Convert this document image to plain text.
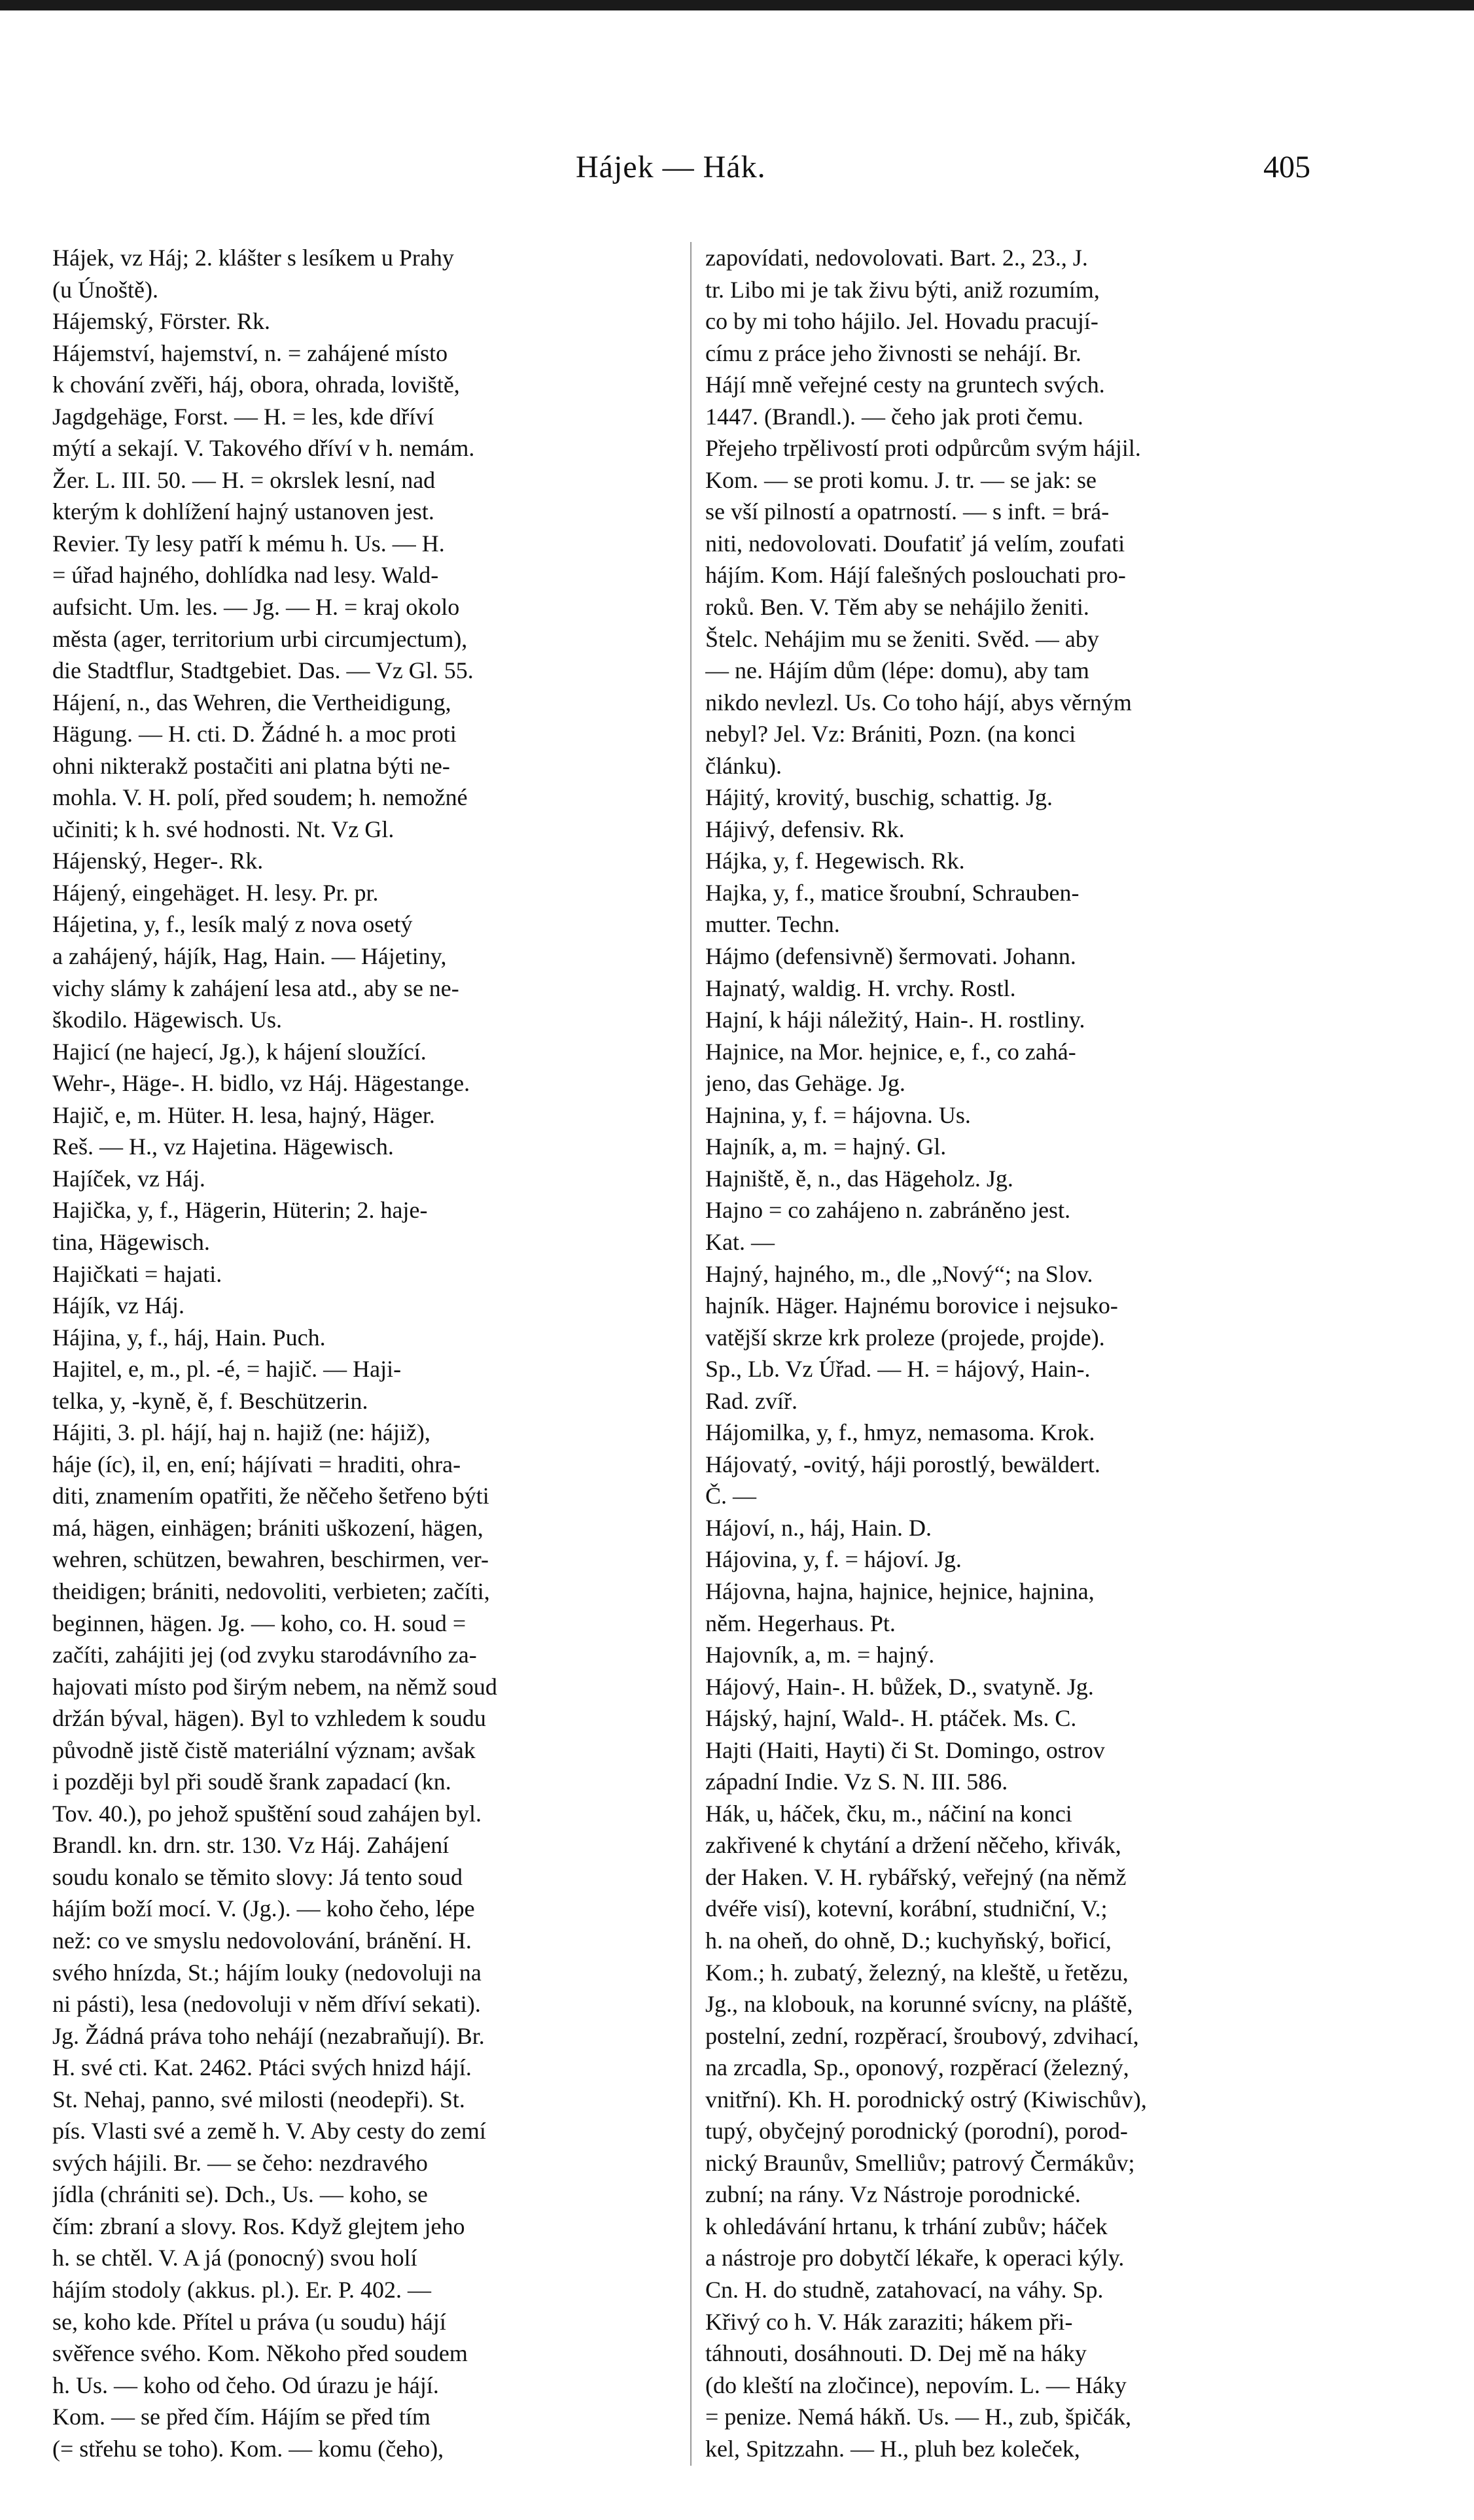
Hájek — Hák.	405
Hájek, vz Háj; 2. klášter s lesíkem u Prahy
(u Únoště).
Hájemský, Förster. Rk.
Hájemství, hajemství, n. = zahájené místo
k chování zvěři, háj, obora, ohrada, loviště,
Jagdgehäge, Forst. — H. = les, kde dříví
mýtí a sekají. V. Takového dříví v h. nemám.
Žer. L. III. 50. — H. = okrslek lesní, nad
kterým k dohlížení hajný ustanoven jest.
Revier. Ty lesy patří k mému h. Us. — H.
= úřad hajného, dohlídka nad lesy. Wald-
aufsicht. Um. les. — Jg. — H. = kraj okolo
města (ager, territorium urbi circumjectum),
die Stadtflur, Stadtgebiet. Das. — Vz Gl. 55.
Hájení, n., das Wehren, die Vertheidigung,
Hägung. — H. cti. D. Žádné h. a moc proti
ohni nikterakž postačiti ani platna býti ne-
mohla. V. H. polí, před soudem; h. nemožné
učiniti; k h. své hodnosti. Nt. Vz Gl.
Hájenský, Heger-. Rk.
Hájený, eingehäget. H. lesy. Pr. pr.
Hájetina, y, f., lesík malý z nova osetý
a zahájený, hájík, Hag, Hain. — Hájetiny,
vichy slámy k zahájení lesa atd., aby se ne-
škodilo. Hägewisch. Us.
Hajicí (ne hajecí, Jg.), k hájení sloužící.
Wehr-, Häge-. H. bidlo, vz Háj. Hägestange.
Hajič, e, m. Hüter. H. lesa, hajný, Häger.
Reš. — H., vz Hajetina. Hägewisch.
Hajíček, vz Háj.
Hajička, y, f., Hägerin, Hüterin; 2. haje-
tina, Hägewisch.
Hajičkati = hajati.
Hájík, vz Háj.
Hájina, y, f., háj, Hain. Puch.
Hajitel, e, m., pl. -é, = hajič. — Haji-
telka, y, -kyně, ě, f. Beschützerin.
Hájiti, 3. pl. hájí, haj n. hajiž (ne: hájiž),
háje (íc), il, en, ení; hájívati = hraditi, ohra-
diti, znamením opatřiti, že něčeho šetřeno býti
má, hägen, einhägen; brániti uškození, hägen,
wehren, schützen, bewahren, beschirmen, ver-
theidigen; brániti, nedovoliti, verbieten; začíti,
beginnen, hägen. Jg. — koho, co. H. soud =
začíti, zahájiti jej (od zvyku starodávního za-
hajovati místo pod širým nebem, na němž soud
držán býval, hägen). Byl to vzhledem k soudu
původně jistě čistě materiální význam; avšak
i později byl při soudě šrank zapadací (kn.
Tov. 40.), po jehož spuštění soud zahájen byl.
Brandl. kn. drn. str. 130. Vz Háj. Zahájení
soudu konalo se těmito slovy: Já tento soud
hájím boží mocí. V. (Jg.). — koho čeho, lépe
než: co ve smyslu nedovolování, bránění. H.
svého hnízda, St.; hájím louky (nedovoluji na
ni pásti), lesa (nedovoluji v něm dříví sekati).
Jg. Žádná práva toho nehájí (nezabraňují). Br.
H. své cti. Kat. 2462. Ptáci svých hnizd hájí.
St. Nehaj, panno, své milosti (neodepři). St.
pís. Vlasti své a země h. V. Aby cesty do zemí
svých hájili. Br. — se čeho: nezdravého
jídla (chrániti se). Dch., Us. — koho, se
čím: zbraní a slovy. Ros. Když glejtem jeho
h. se chtěl. V. A já (ponocný) svou holí
hájím stodoly (akkus. pl.). Er. P. 402. —
se, koho kde. Přítel u práva (u soudu) hájí
svěřence svého. Kom. Někoho před soudem
h. Us. — koho od čeho. Od úrazu je hájí.
Kom. — se před čím. Hájím se před tím
(= střehu se toho). Kom. — komu (čeho),
zapovídati, nedovolovati. Bart. 2., 23., J.
tr. Libo mi je tak živu býti, aniž rozumím,
co by mi toho hájilo. Jel. Hovadu pracují-
címu z práce jeho živnosti se nehájí. Br.
Hájí mně veřejné cesty na gruntech svých.
1447. (Brandl.). — čeho jak proti čemu.
Přejeho trpělivostí proti odpůrcům svým hájil.
Kom. — se proti komu. J. tr. — se jak: se
se vší pilností a opatrností. — s inft. = brá-
niti, nedovolovati. Doufatiť já velím, zoufati
hájím. Kom. Hájí falešných poslouchati pro-
roků. Ben. V. Těm aby se nehájilo ženiti.
Štelc. Nehájim mu se ženiti. Svěd. — aby
— ne. Hájím dům (lépe: domu), aby tam
nikdo nevlezl. Us. Co toho hájí, abys věrným
nebyl? Jel. Vz: Brániti, Pozn. (na konci
článku).
Hájitý, krovitý, buschig, schattig. Jg.
Hájivý, defensiv. Rk.
Hájka, y, f. Hegewisch. Rk.
Hajka, y, f., matice šroubní, Schrauben-
mutter. Techn.
Hájmo (defensivně) šermovati. Johann.
Hajnatý, waldig. H. vrchy. Rostl.
Hajní, k háji náležitý, Hain-. H. rostliny.
Hajnice, na Mor. hejnice, e, f., co zahá-
jeno, das Gehäge. Jg.
Hajnina, y, f. = hájovna. Us.
Hajník, a, m. = hajný. Gl.
Hajniště, ě, n., das Hägeholz. Jg.
Hajno = co zahájeno n. zabráněno jest.
Kat. —
Hajný, hajného, m., dle „Nový“; na Slov.
hajník. Häger. Hajnému borovice i nejsuko-
vatější skrze krk proleze (projede, projde).
Sp., Lb. Vz Úřad. — H. = hájový, Hain-.
Rad. zvíř.
Hájomilka, y, f., hmyz, nemasoma. Krok.
Hájovatý, -ovitý, háji porostlý, bewäldert.
Č. —
Hájoví, n., háj, Hain. D.
Hájovina, y, f. = hájoví. Jg.
Hájovna, hajna, hajnice, hejnice, hajnina,
něm. Hegerhaus. Pt.
Hajovník, a, m. = hajný.
Hájový, Hain-. H. bůžek, D., svatyně. Jg.
Hájský, hajní, Wald-. H. ptáček. Ms. C.
Hajti (Haiti, Hayti) či St. Domingo, ostrov
západní Indie. Vz S. N. III. 586.
Hák, u, háček, čku, m., náčiní na konci
zakřivené k chytání a držení něčeho, křivák,
der Haken. V. H. rybářský, veřejný (na němž
dvéře visí), kotevní, korábní, studniční, V.;
h. na oheň, do ohně, D.; kuchyňský, bořicí,
Kom.; h. zubatý, železný, na kleště, u řetězu,
Jg., na klobouk, na korunné svícny, na pláště,
postelní, zední, rozpěrací, šroubový, zdvihací,
na zrcadla, Sp., oponový, rozpěrací (železný,
vnitřní). Kh. H. porodnický ostrý (Kiwischův),
tupý, obyčejný porodnický (porodní), porod-
nický Braunův, Smelliův; patrový Čermákův;
zubní; na rány. Vz Nástroje porodnické.
k ohledávání hrtanu, k trhání zubův; háček
a nástroje pro dobytčí lékaře, k operaci kýly.
Cn. H. do studně, zatahovací, na váhy. Sp.
Křivý co h. V. Hák zaraziti; hákem při-
táhnouti, dosáhnouti. D. Dej mě na háky
(do kleští na zločince), nepovím. L. — Háky
= penize. Nemá hákň. Us. — H., zub, špičák,
kel, Spitzzahn. — H., pluh bez koleček,
